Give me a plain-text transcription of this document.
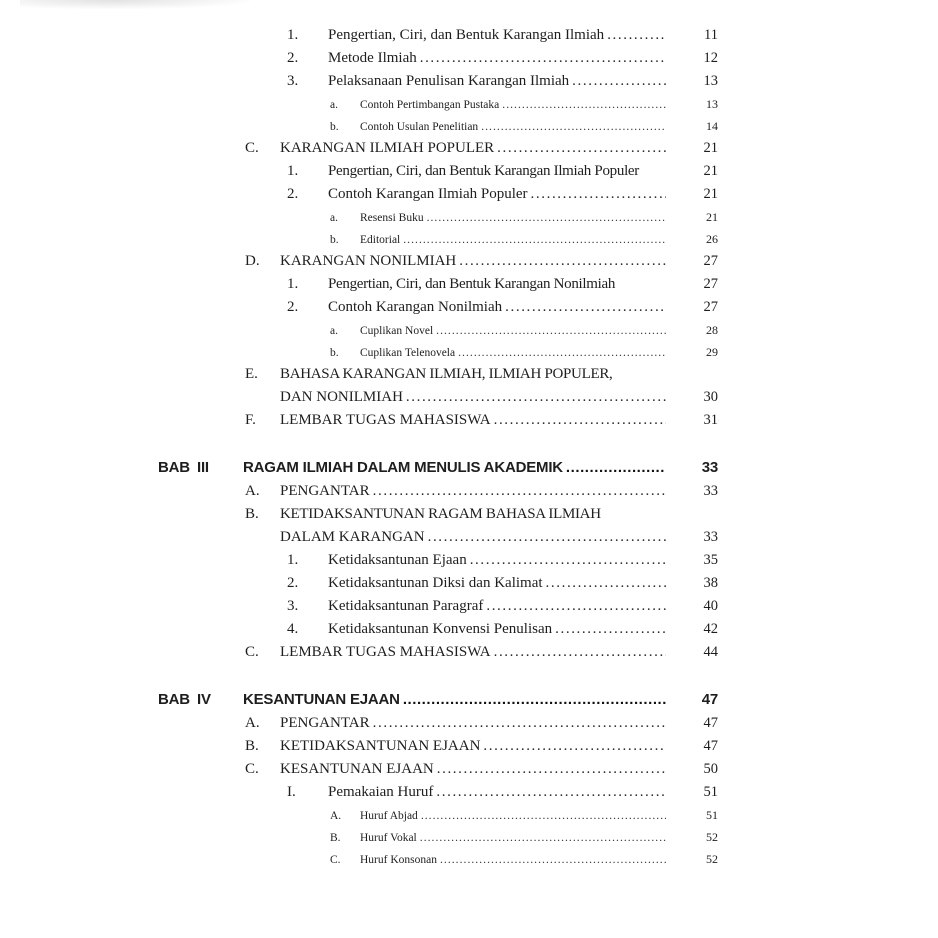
1.	Pengertian, Ciri, dan Bentuk Karangan Ilmiah .....	11
2.	Metode Ilmiah .....	12
3.	Pelaksanaan Penulisan Karangan Ilmiah .....	13
a.	Contoh Pertimbangan Pustaka .....	13
b.	Contoh Usulan Penelitian .....	14
C.	KARANGAN ILMIAH POPULER .....	21
1.	Pengertian, Ciri, dan Bentuk Karangan Ilmiah Populer	21
2.	Contoh Karangan Ilmiah Populer .....	21
a.	Resensi Buku .....	21
b.	Editorial .....	26
D.	KARANGAN NONILMIAH .....	27
1.	Pengertian, Ciri, dan Bentuk Karangan Nonilmiah	27
2.	Contoh Karangan Nonilmiah .....	27
a.	Cuplikan Novel .....	28
b.	Cuplikan Telenovela .....	29
E.	BAHASA KARANGAN ILMIAH, ILMIAH POPULER,
DAN NONILMIAH .....	30
F.	LEMBAR TUGAS MAHASISWA .....	31
BAB III	RAGAM ILMIAH DALAM MENULIS AKADEMIK .....	33
A.	PENGANTAR .....	33
B.	KETIDAKSANTUNAN RAGAM BAHASA ILMIAH
DALAM KARANGAN .....	33
1.	Ketidaksantunan Ejaan .....	35
2.	Ketidaksantunan Diksi dan Kalimat .....	38
3.	Ketidaksantunan Paragraf .....	40
4.	Ketidaksantunan Konvensi Penulisan .....	42
C.	LEMBAR TUGAS MAHASISWA .....	44
BAB IV	KESANTUNAN EJAAN .....	47
A.	PENGANTAR .....	47
B.	KETIDAKSANTUNAN EJAAN .....	47
C.	KESANTUNAN EJAAN .....	50
I.	Pemakaian Huruf .....	51
A.	Huruf Abjad .....	51
B.	Huruf Vokal .....	52
C.	Huruf Konsonan .....	52
